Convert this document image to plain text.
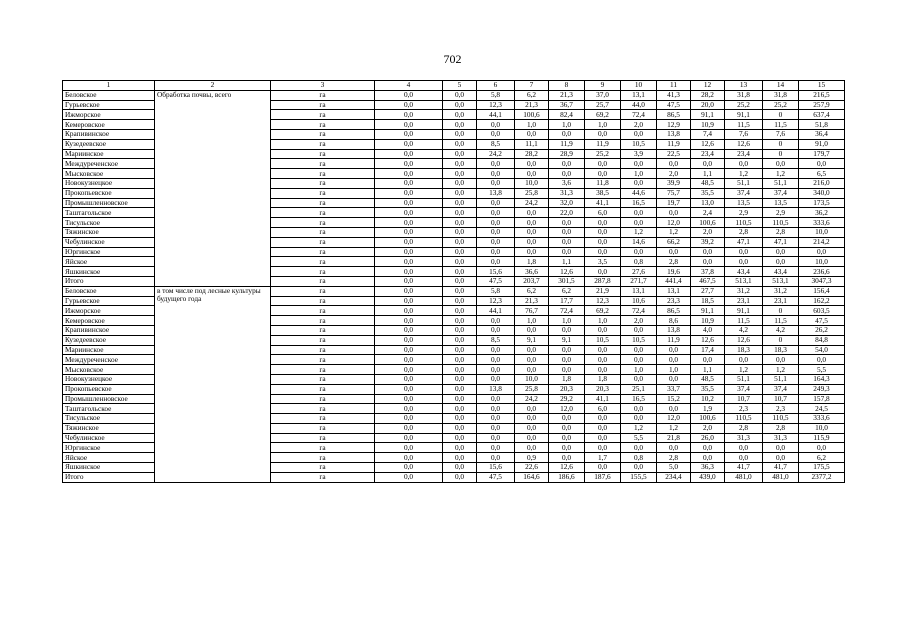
702
1	2	3	4	5	6	7	8	9	10	11	12	13	14	15
Беловское	Обработка почвы, всего	га	0,0	0,0	5,8	6,2	21,3	37,0	13,1	41,3	28,2	31,8	31,8	216,5
Гурьевское		га	0,0	0,0	12,3	21,3	36,7	25,7	44,0	47,5	20,0	25,2	25,2	257,9
Ижморское		га	0,0	0,0	44,1	100,6	82,4	69,2	72,4	86,5	91,1	91,1	0	637,4
Кемеровское		га	0,0	0,0	0,0	1,0	1,0	1,0	2,0	12,9	10,9	11,5	11,5	51,8
Крапивинское		га	0,0	0,0	0,0	0,0	0,0	0,0	0,0	13,8	7,4	7,6	7,6	36,4
Кузедеевское		га	0,0	0,0	8,5	11,1	11,9	11,9	10,5	11,9	12,6	12,6	0	91,0
Мариинское		га	0,0	0,0	24,2	28,2	28,9	25,2	3,9	22,5	23,4	23,4	0	179,7
Междуреченское		га	0,0	0,0	0,0	0,0	0,0	0,0	0,0	0,0	0,0	0,0	0,0	0,0
Мысковское		га	0,0	0,0	0,0	0,0	0,0	0,0	1,0	2,0	1,1	1,2	1,2	6,5
Новокузнецкое		га	0,0	0,0	0,0	10,0	3,6	11,8	0,0	39,9	48,5	51,1	51,1	216,0
Прокопьевское		га	0,0	0,0	13,8	25,8	31,3	38,5	44,6	75,7	35,5	37,4	37,4	340,0
Промышленновское		га	0,0	0,0	0,0	24,2	32,0	41,1	16,5	19,7	13,0	13,5	13,5	173,5
Таштагольское		га	0,0	0,0	0,0	0,0	22,0	6,0	0,0	0,0	2,4	2,9	2,9	36,2
Тисульское		га	0,0	0,0	0,0	0,0	0,0	0,0	0,0	12,0	100,6	110,5	110,5	333,6
Тяжинское		га	0,0	0,0	0,0	0,0	0,0	0,0	1,2	1,2	2,0	2,8	2,8	10,0
Чебулинское		га	0,0	0,0	0,0	0,0	0,0	0,0	14,6	66,2	39,2	47,1	47,1	214,2
Юргинское		га	0,0	0,0	0,0	0,0	0,0	0,0	0,0	0,0	0,0	0,0	0,0	0,0
Яйское		га	0,0	0,0	0,0	1,8	1,1	3,5	0,8	2,8	0,0	0,0	0,0	10,0
Яшкинское		га	0,0	0,0	15,6	36,6	12,6	0,0	27,6	19,6	37,8	43,4	43,4	236,6
Итого		га	0,0	0,0	47,5	203,7	301,5	287,8	271,7	441,4	467,5	513,1	513,1	3047,3
Беловское	в том числе под лесные культуры будущего года	га	0,0	0,0	5,8	6,2	6,2	21,9	13,1	13,1	27,7	31,2	31,2	156,4
Гурьевское		га	0,0	0,0	12,3	21,3	17,7	12,3	10,6	23,3	18,5	23,1	23,1	162,2
Ижморское		га	0,0	0,0	44,1	76,7	72,4	69,2	72,4	86,5	91,1	91,1	0	603,5
Кемеровское		га	0,0	0,0	0,0	1,0	1,0	1,0	2,0	8,6	10,9	11,5	11,5	47,5
Крапивинское		га	0,0	0,0	0,0	0,0	0,0	0,0	0,0	13,8	4,0	4,2	4,2	26,2
Кузедеевское		га	0,0	0,0	8,5	9,1	9,1	10,5	10,5	11,9	12,6	12,6	0	84,8
Мариинское		га	0,0	0,0	0,0	0,0	0,0	0,0	0,0	0,0	17,4	18,3	18,3	54,0
Междуреченское		га	0,0	0,0	0,0	0,0	0,0	0,0	0,0	0,0	0,0	0,0	0,0	0,0
Мысковское		га	0,0	0,0	0,0	0,0	0,0	0,0	1,0	1,0	1,1	1,2	1,2	5,5
Новокузнецкое		га	0,0	0,0	0,0	10,0	1,8	1,8	0,0	0,0	48,5	51,1	51,1	164,3
Прокопьевское		га	0,0	0,0	13,8	25,8	20,3	20,3	25,1	33,7	35,5	37,4	37,4	249,3
Промышленновское		га	0,0	0,0	0,0	24,2	29,2	41,1	16,5	15,2	10,2	10,7	10,7	157,8
Таштагольское		га	0,0	0,0	0,0	0,0	12,0	6,0	0,0	0,0	1,9	2,3	2,3	24,5
Тисульское		га	0,0	0,0	0,0	0,0	0,0	0,0	0,0	12,0	100,6	110,5	110,5	333,6
Тяжинское		га	0,0	0,0	0,0	0,0	0,0	0,0	1,2	1,2	2,0	2,8	2,8	10,0
Чебулинское		га	0,0	0,0	0,0	0,0	0,0	0,0	5,5	21,8	26,0	31,3	31,3	115,9
Юргинское		га	0,0	0,0	0,0	0,0	0,0	0,0	0,0	0,0	0,0	0,0	0,0	0,0
Яйское		га	0,0	0,0	0,0	0,9	0,0	1,7	0,8	2,8	0,0	0,0	0,0	6,2
Яшкинское		га	0,0	0,0	15,6	22,6	12,6	0,0	0,0	5,0	36,3	41,7	41,7	175,5
Итого		га	0,0	0,0	47,5	164,6	186,6	187,6	155,5	234,4	439,0	481,0	481,0	2377,2
